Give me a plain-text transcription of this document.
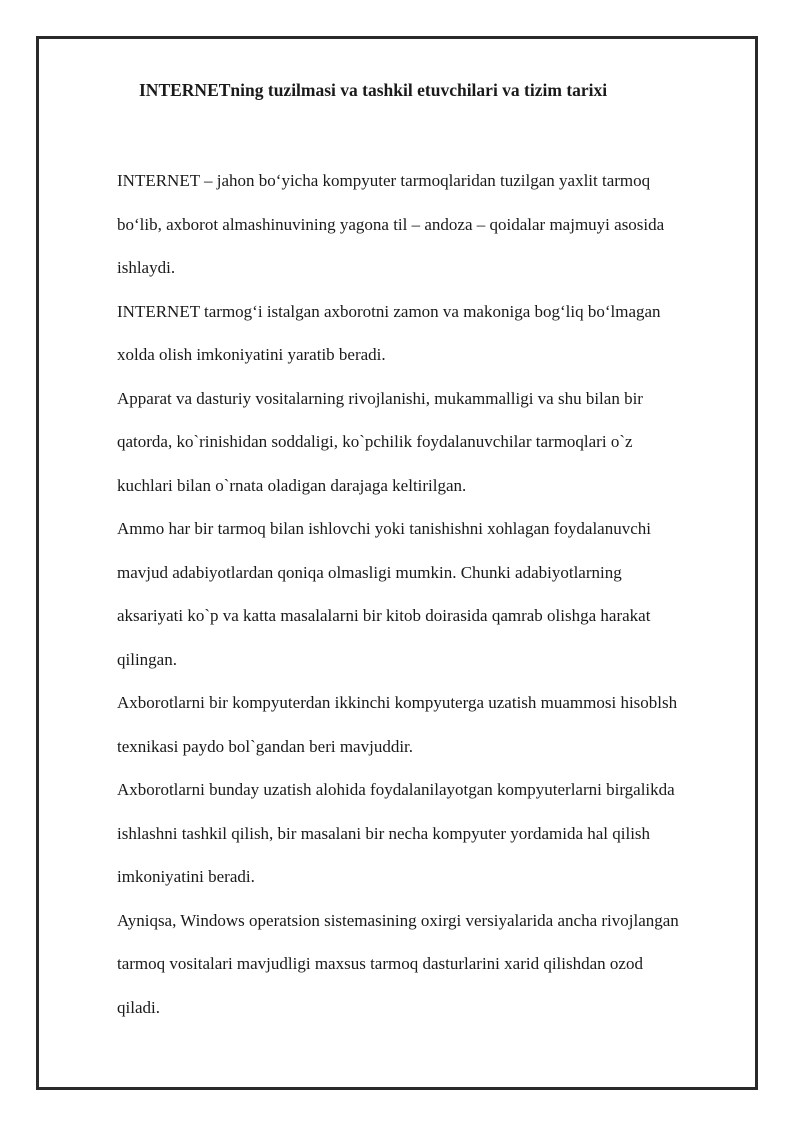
INTERNETning tuzilmasi va tashkil etuvchilari va tizim tarixi

INTERNET – jahon bo‘yicha kompyuter tarmoqlaridan tuzilgan yaxlit tarmoq
bo‘lib, axborot almashinuvining yagona til – andoza – qoidalar majmuyi asosida
ishlaydi.

INTERNET tarmog‘i istalgan axborotni zamon va makoniga bog‘liq bo‘lmagan
xolda olish imkoniyatini yaratib beradi.

Apparat va dasturiy vositalarning rivojlanishi, mukammalligi va shu bilan bir
qatorda, ko`rinishidan soddaligi, ko`pchilik foydalanuvchilar tarmoqlari o`z
kuchlari bilan o`rnata oladigan darajaga keltirilgan.

Ammo har bir tarmoq bilan ishlovchi yoki tanishishni xohlagan foydalanuvchi
mavjud adabiyotlardan qoniqa olmasligi mumkin. Chunki adabiyotlarning
aksariyati ko`p va katta masalalarni bir kitob doirasida qamrab olishga harakat
qilingan.

Axborotlarni bir kompyuterdan ikkinchi kompyuterga uzatish muammosi hisoblsh
texnikasi paydo bol`gandan beri mavjuddir.

Axborotlarni bunday uzatish alohida foydalanilayotgan kompyuterlarni birgalikda
ishlashni tashkil qilish, bir masalani bir necha kompyuter yordamida hal qilish
imkoniyatini beradi.

Ayniqsa, Windows operatsion sistemasining oxirgi versiyalarida ancha rivojlangan
tarmoq vositalari mavjudligi maxsus tarmoq dasturlarini xarid qilishdan ozod
qiladi.
